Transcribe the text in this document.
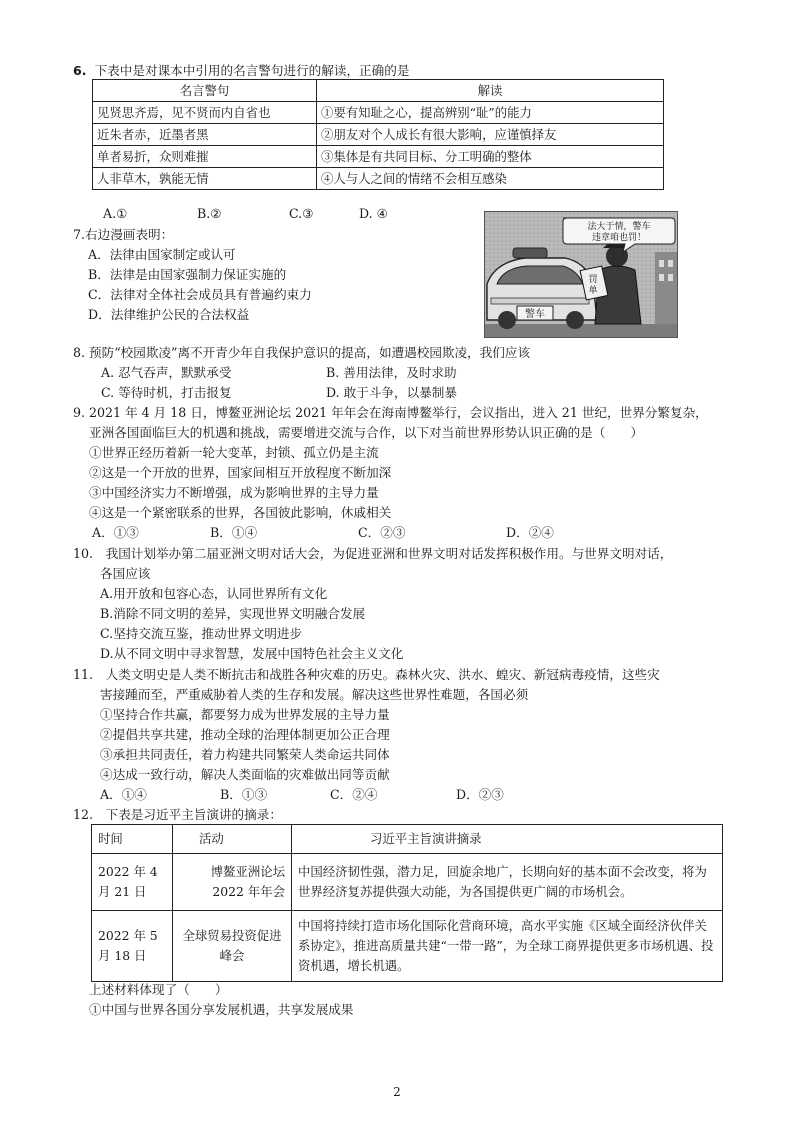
6. 下表中是对课本中引用的名言警句进行的解读，正确的是
名言警句	解读
见贤思齐焉，见不贤而内自省也	①要有知耻之心，提高辨别“耻”的能力
近朱者赤，近墨者黑	②朋友对个人成长有很大影响，应谨慎择友
单者易折，众则难摧	③集体是有共同目标、分工明确的整体
人非草木，孰能无情	④人与人之间的情绪不会相互感染
A.①	B.②	C.③	D. ④
7.右边漫画表明：
A．法律由国家制定或认可
B．法律是由国家强制力保证实施的
C．法律对全体社会成员具有普遍约束力
D．法律维护公民的合法权益	警车
罚
单
法大于情，警车
违章咱也罚！
8. 预防“校园欺凌”离不开青少年自我保护意识的提高，如遭遇校园欺凌，我们应该
A. 忍气吞声，默默承受	B. 善用法律，及时求助
C. 等待时机，打击报复	D. 敢于斗争，以暴制暴
9. 2021 年 4 月 18 日，博鳌亚洲论坛 2021 年年会在海南博鳌举行，会议指出，进入 21 世纪，世界分繁复杂，
亚洲各国面临巨大的机遇和挑战，需要增进交流与合作，以下对当前世界形势认识正确的是（　　）
①世界正经历着新一轮大变革，封锁、孤立仍是主流
②这是一个开放的世界，国家间相互开放程度不断加深
③中国经济实力不断增强，成为影响世界的主导力量
④这是一个紧密联系的世界，各国彼此影响，休戚相关
A．①③	B．①④	C．②③	D．②④
10.　我国计划举办第二届亚洲文明对话大会，为促进亚洲和世界文明对话发挥积极作用。与世界文明对话，
各国应该
A.用开放和包容心态，认同世界所有文化
B.消除不同文明的差异，实现世界文明融合发展
C.坚持交流互鉴，推动世界文明进步
D.从不同文明中寻求智慧，发展中国特色社会主义文化
11.　人类文明史是人类不断抗击和战胜各种灾难的历史。森林火灾、洪水、蝗灾、新冠病毒疫情，这些灾
害接踵而至，严重威胁着人类的生存和发展。解决这些世界性难题，各国必须
①坚持合作共赢，都要努力成为世界发展的主导力量
②提倡共享共建，推动全球的治理体制更加公正合理
③承担共同责任，着力构建共同繁荣人类命运共同体
④达成一致行动，解决人类面临的灾难做出同等贡献
A．①④	B．①③	C．②④	D．②③
12.　下表是习近平主旨演讲的摘录：
时间	活动	习近平主旨演讲摘录
2022 年 4 月 21 日	博鳌亚洲论坛 2022 年年会	中国经济韧性强，潜力足，回旋余地广，长期向好的基本面不会改变，将为世界经济复苏提供强大动能，为各国提供更广阔的市场机会。
2022 年 5 月 18 日	全球贸易投资促进峰会	中国将持续打造市场化国际化营商环境，高水平实施《区域全面经济伙伴关系协定》，推进高质量共建“一带一路”，为全球工商界提供更多市场机遇、投资机遇，增长机遇。
上述材料体现了（　　）
①中国与世界各国分享发展机遇，共享发展成果
2
